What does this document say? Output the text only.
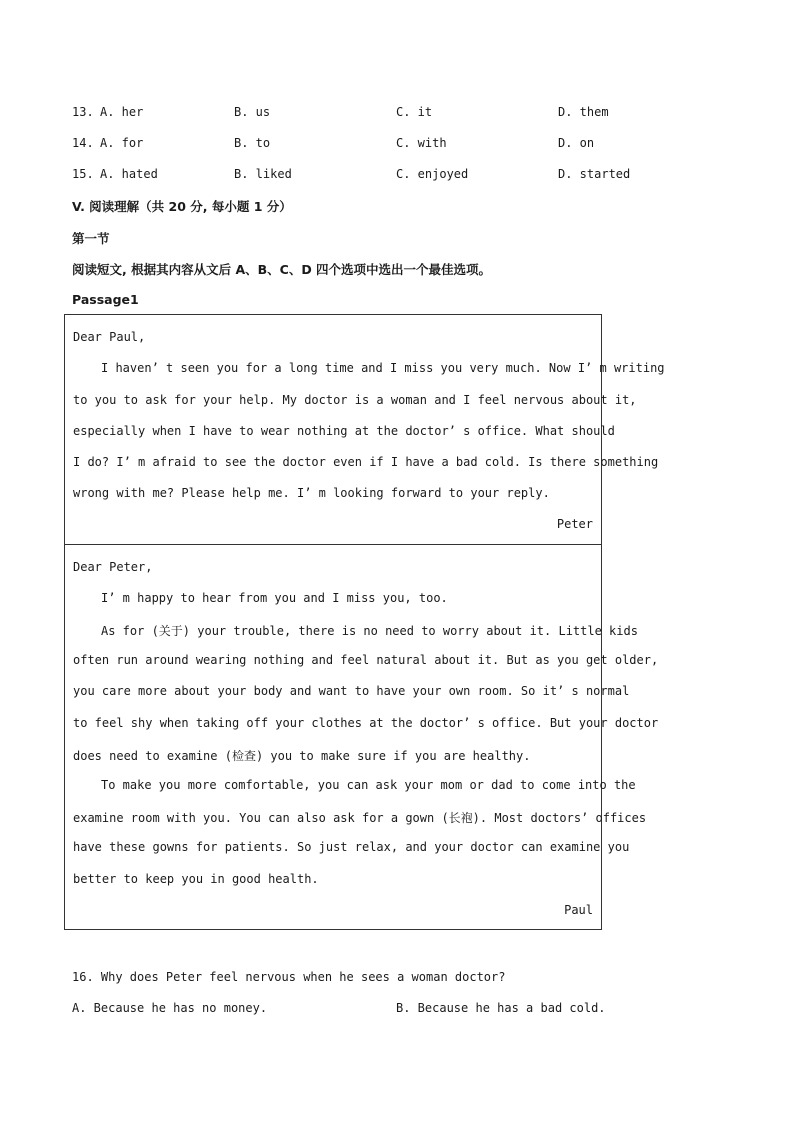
13. A. her	B. us	C. it	D. them
14. A. for	B. to	C. with	D. on
15. A. hated	B. liked	C. enjoyed	D. started
V. 阅读理解（共 20 分, 每小题 1 分）
第一节
阅读短文, 根据其内容从文后 A、B、C、D 四个选项中选出一个最佳选项。
Passage1
Dear Paul,
I haven’ t seen you for a long time and I miss you very much. Now I’ m writing
to you to ask for your help. My doctor is a woman and I feel nervous about it,
especially when I have to wear nothing at the doctor’ s office. What should
I do? I’ m afraid to see the doctor even if I have a bad cold. Is there something
wrong with me? Please help me. I’ m looking forward to your reply.
Peter
Dear Peter,
I’ m happy to hear from you and I miss you, too.
As for (关于) your trouble, there is no need to worry about it. Little kids
often run around wearing nothing and feel natural about it. But as you get older,
you care more about your body and want to have your own room. So it’ s normal
to feel shy when taking off your clothes at the doctor’ s office. But your doctor
does need to examine (检查) you to make sure if you are healthy.
To make you more comfortable, you can ask your mom or dad to come into the
examine room with you. You can also ask for a gown (长袍). Most doctors’ offices
have these gowns for patients. So just relax, and your doctor can examine you
better to keep you in good health.
Paul
16. Why does Peter feel nervous when he sees a woman doctor?
A. Because he has no money.	B. Because he has a bad cold.
